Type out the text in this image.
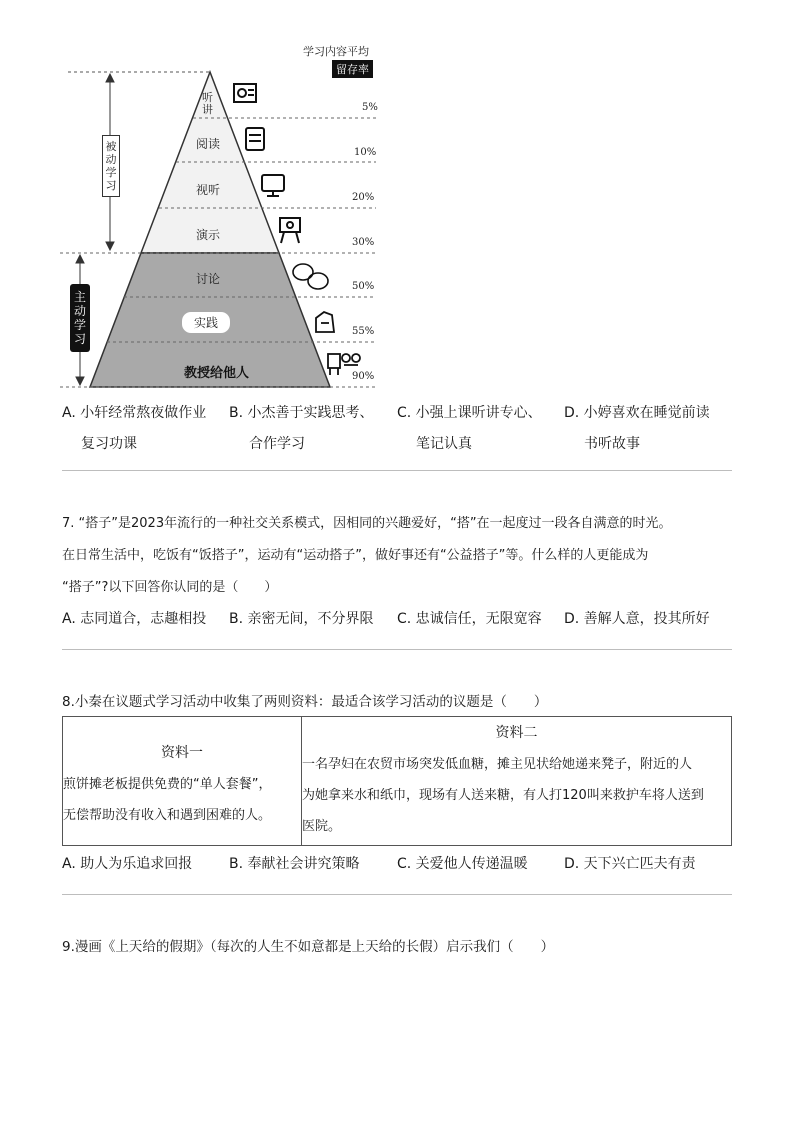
学习内容平均
留存率
被动学习
主动学习
听讲
阅读
视听
演示
讨论
实践
教授给他人
5%
10%
20%
30%
50%
55%
90%
A. 小轩经常熬夜做作业
复习功课
B. 小杰善于实践思考、
合作学习
C. 小强上课听讲专心、
笔记认真
D. 小婷喜欢在睡觉前读
书听故事
7. “搭子”是2023年流行的一种社交关系模式，因相同的兴趣爱好，“搭”在一起度过一段各自满意的时光。
在日常生活中，吃饭有“饭搭子”，运动有“运动搭子”，做好事还有“公益搭子”等。什么样的人更能成为
“搭子”?以下回答你认同的是（　　）
A. 志同道合，志趣相投 B. 亲密无间，不分界限 C. 忠诚信任，无限宽容 D. 善解人意，投其所好
8.小秦在议题式学习活动中收集了两则资料：最适合该学习活动的议题是（　　）
资料一
煎饼摊老板提供免费的“单人套餐”，
无偿帮助没有收入和遇到困难的人。

资料二
一名孕妇在农贸市场突发低血糖，摊主见状给她递来凳子，附近的人
为她拿来水和纸巾，现场有人送来糖，有人打120叫来救护车将人送到
医院。
A. 助人为乐追求回报	B. 奉献社会讲究策略	C. 关爱他人传递温暖	D. 天下兴亡匹夫有责
9.漫画《上天给的假期》（每次的人生不如意都是上天给的长假）启示我们（　　）
